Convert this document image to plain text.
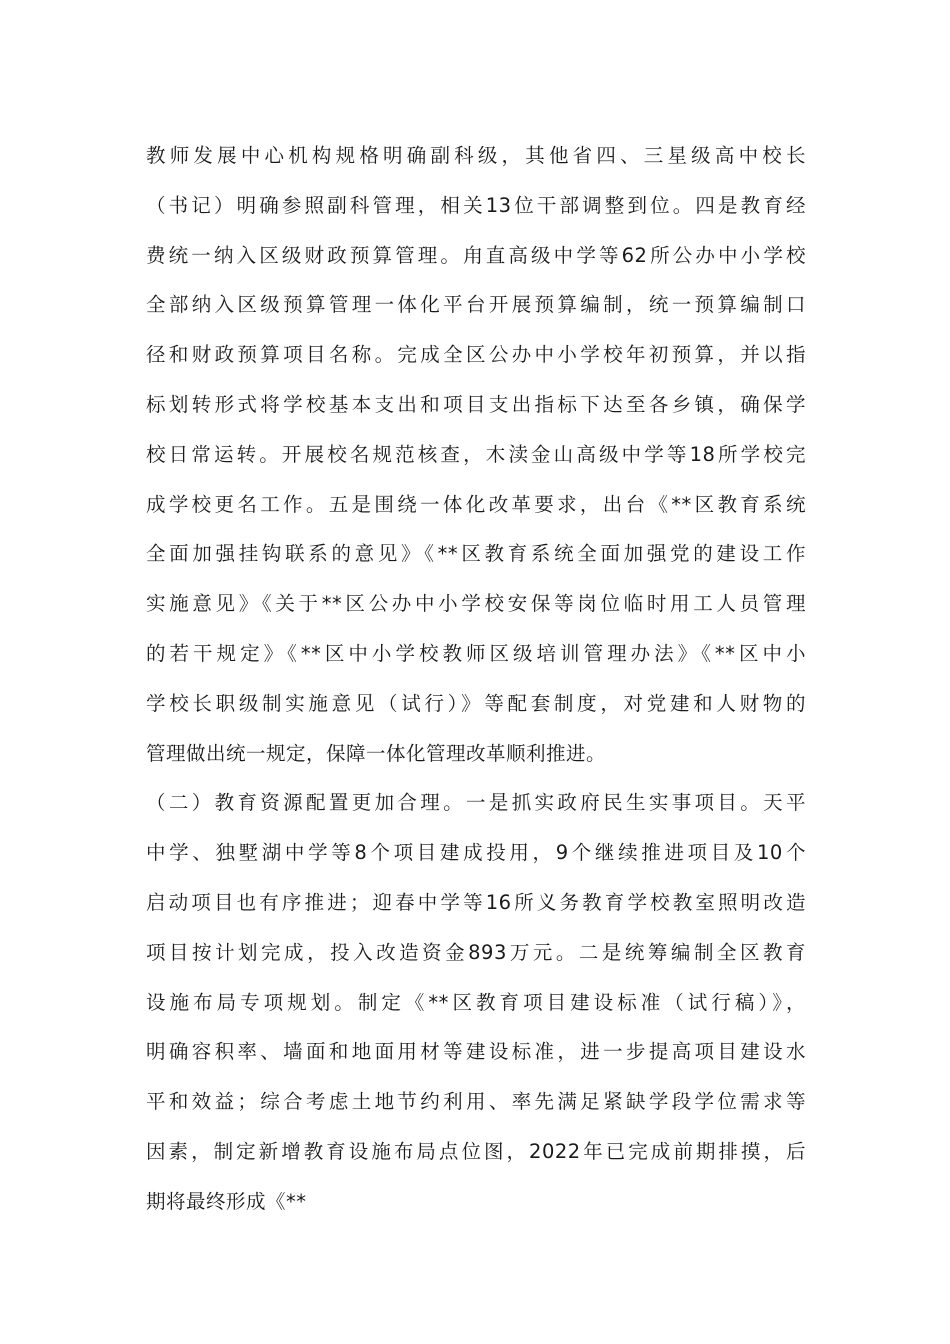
教师发展中心机构规格明确副科级，其他省四、三星级高中校长
（书记）明确参照副科管理，相关13位干部调整到位。四是教育经
费统一纳入区级财政预算管理。甪直高级中学等62所公办中小学校
全部纳入区级预算管理一体化平台开展预算编制，统一预算编制口
径和财政预算项目名称。完成全区公办中小学校年初预算，并以指
标划转形式将学校基本支出和项目支出指标下达至各乡镇，确保学
校日常运转。开展校名规范核查，木渎金山高级中学等18所学校完
成学校更名工作。五是围绕一体化改革要求，出台《**区教育系统
全面加强挂钩联系的意见》《**区教育系统全面加强党的建设工作
实施意见》《关于**区公办中小学校安保等岗位临时用工人员管理
的若干规定》《**区中小学校教师区级培训管理办法》《**区中小
学校长职级制实施意见（试行）》等配套制度，对党建和人财物的
管理做出统一规定，保障一体化管理改革顺利推进。
（二）教育资源配置更加合理。一是抓实政府民生实事项目。天平
中学、独墅湖中学等8个项目建成投用，9个继续推进项目及10个
启动项目也有序推进；迎春中学等16所义务教育学校教室照明改造
项目按计划完成，投入改造资金893万元。二是统筹编制全区教育
设施布局专项规划。制定《**区教育项目建设标准（试行稿）》，
明确容积率、墙面和地面用材等建设标准，进一步提高项目建设水
平和效益；综合考虑土地节约利用、率先满足紧缺学段学位需求等
因素，制定新增教育设施布局点位图，2022年已完成前期排摸，后
期将最终形成《**
